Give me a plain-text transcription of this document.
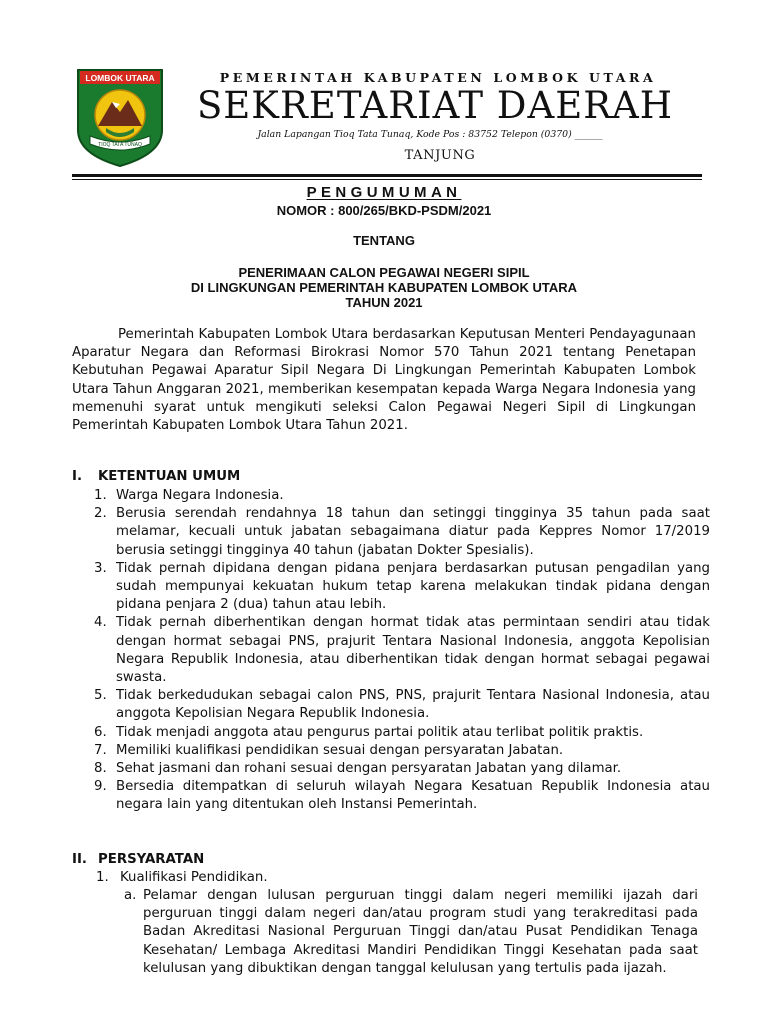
LOMBOK UTARA
TIOQ TATA TUNAQ
PEMERINTAH KABUPATEN LOMBOK UTARA
SEKRETARIAT DAERAH
Jalan Lapangan Tioq Tata Tunaq, Kode Pos : 83752 Telepon (0370) ______
TANJUNG
PENGUMUMAN
NOMOR : 800/265/BKD-PSDM/2021
TENTANG
PENERIMAAN CALON PEGAWAI NEGERI SIPIL
DI LINGKUNGAN PEMERINTAH KABUPATEN LOMBOK UTARA
TAHUN 2021
Pemerintah Kabupaten Lombok Utara berdasarkan Keputusan Menteri Pendayagunaan Aparatur Negara dan Reformasi Birokrasi Nomor 570 Tahun 2021 tentang Penetapan Kebutuhan Pegawai Aparatur Sipil Negara Di Lingkungan Pemerintah Kabupaten Lombok Utara Tahun Anggaran 2021, memberikan kesempatan kepada Warga Negara Indonesia yang memenuhi syarat untuk mengikuti seleksi Calon Pegawai Negeri Sipil di Lingkungan Pemerintah Kabupaten Lombok Utara Tahun 2021.
I. KETENTUAN UMUM
1. Warga Negara Indonesia.
2. Berusia serendah rendahnya 18 tahun dan setinggi tingginya 35 tahun pada saat melamar, kecuali untuk jabatan sebagaimana diatur pada Keppres Nomor 17/2019 berusia setinggi tingginya 40 tahun (jabatan Dokter Spesialis).
3. Tidak pernah dipidana dengan pidana penjara berdasarkan putusan pengadilan yang sudah mempunyai kekuatan hukum tetap karena melakukan tindak pidana dengan pidana penjara 2 (dua) tahun atau lebih.
4. Tidak pernah diberhentikan dengan hormat tidak atas permintaan sendiri atau tidak dengan hormat sebagai PNS, prajurit Tentara Nasional Indonesia, anggota Kepolisian Negara Republik Indonesia, atau diberhentikan tidak dengan hormat sebagai pegawai swasta.
5. Tidak berkedudukan sebagai calon PNS, PNS, prajurit Tentara Nasional Indonesia, atau anggota Kepolisian Negara Republik Indonesia.
6. Tidak menjadi anggota atau pengurus partai politik atau terlibat politik praktis.
7. Memiliki kualifikasi pendidikan sesuai dengan persyaratan Jabatan.
8. Sehat jasmani dan rohani sesuai dengan persyaratan Jabatan yang dilamar.
9. Bersedia ditempatkan di seluruh wilayah Negara Kesatuan Republik Indonesia atau negara lain yang ditentukan oleh Instansi Pemerintah.
II. PERSYARATAN
1. Kualifikasi Pendidikan.
a. Pelamar dengan lulusan perguruan tinggi dalam negeri memiliki ijazah dari perguruan tinggi dalam negeri dan/atau program studi yang terakreditasi pada Badan Akreditasi Nasional Perguruan Tinggi dan/atau Pusat Pendidikan Tenaga Kesehatan/ Lembaga Akreditasi Mandiri Pendidikan Tinggi Kesehatan pada saat kelulusan yang dibuktikan dengan tanggal kelulusan yang tertulis pada ijazah.
